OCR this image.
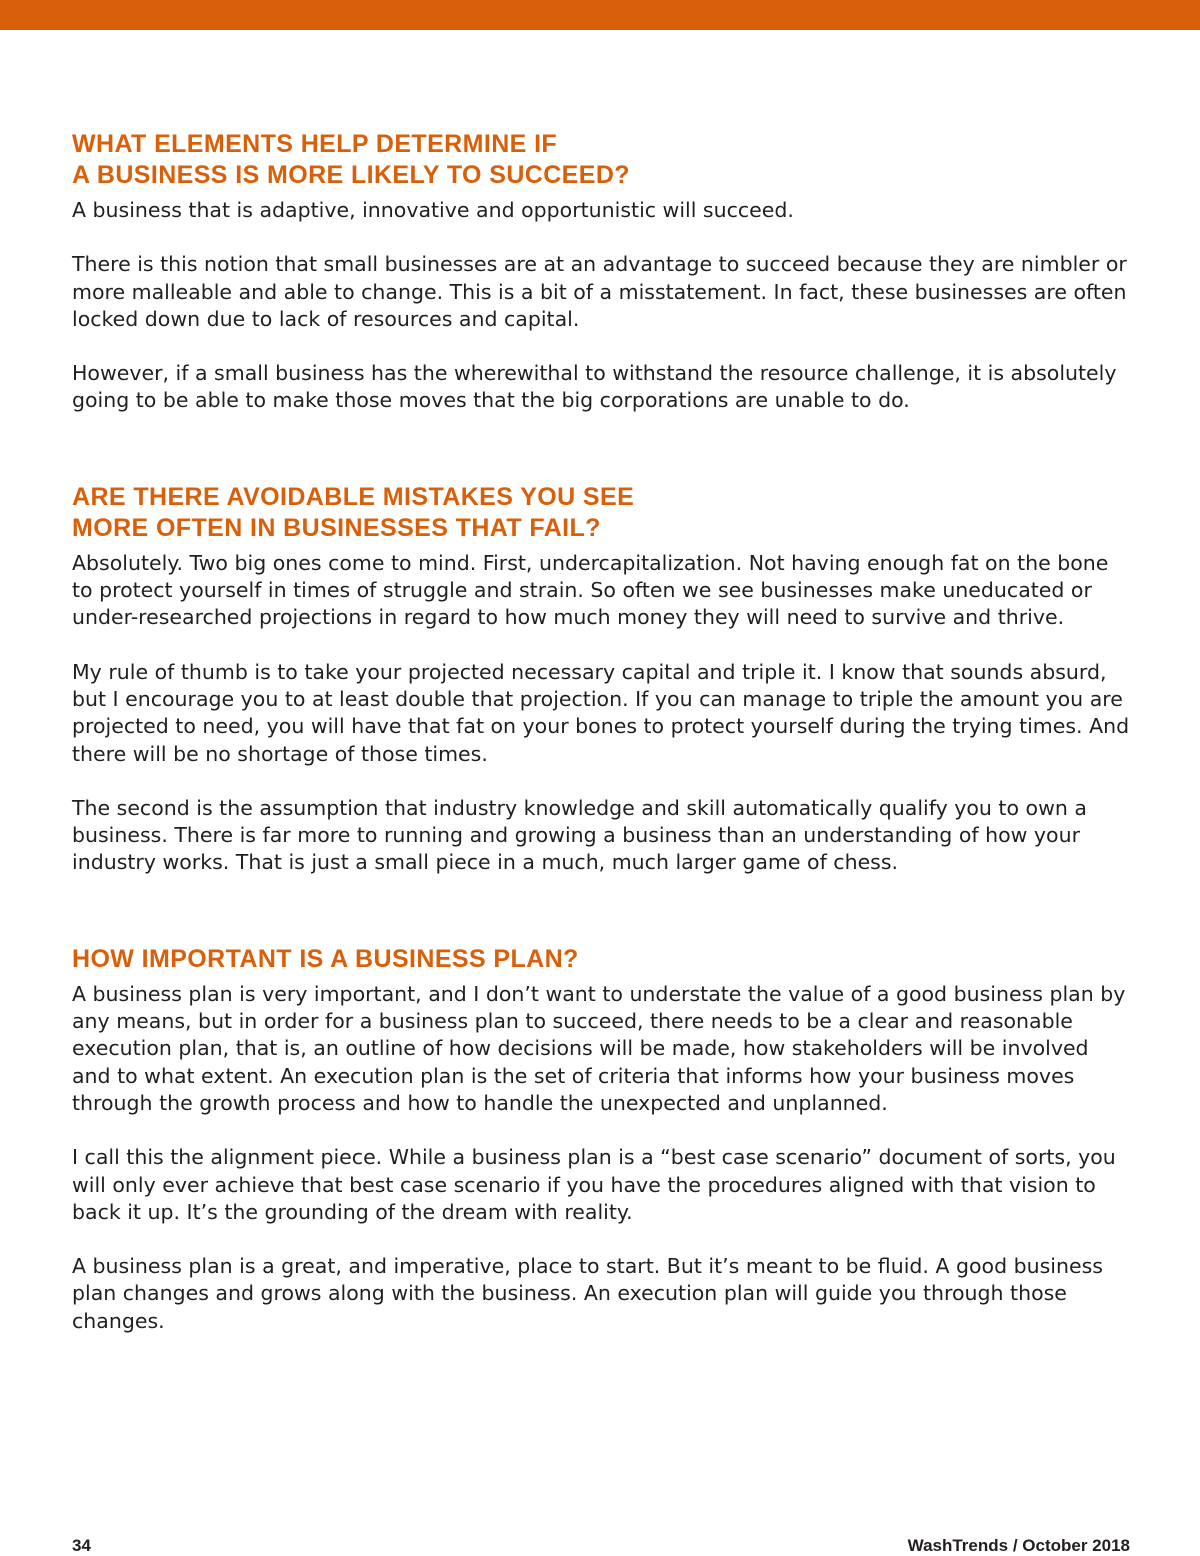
WHAT ELEMENTS HELP DETERMINE IF
A BUSINESS IS MORE LIKELY TO SUCCEED?

A business that is adaptive, innovative and opportunistic will succeed.

There is this notion that small businesses are at an advantage to succeed because they are nimbler or more malleable and able to change. This is a bit of a misstatement. In fact, these businesses are often locked down due to lack of resources and capital.

However, if a small business has the wherewithal to withstand the resource challenge, it is absolutely going to be able to make those moves that the big corporations are unable to do.

ARE THERE AVOIDABLE MISTAKES YOU SEE
MORE OFTEN IN BUSINESSES THAT FAIL?

Absolutely. Two big ones come to mind. First, undercapitalization. Not having enough fat on the bone to protect yourself in times of struggle and strain. So often we see businesses make uneducated or under-researched projections in regard to how much money they will need to survive and thrive.

My rule of thumb is to take your projected necessary capital and triple it. I know that sounds absurd, but I encourage you to at least double that projection. If you can manage to triple the amount you are projected to need, you will have that fat on your bones to protect yourself during the trying times. And there will be no shortage of those times.

The second is the assumption that industry knowledge and skill automatically qualify you to own a business. There is far more to running and growing a business than an understanding of how your industry works. That is just a small piece in a much, much larger game of chess.

HOW IMPORTANT IS A BUSINESS PLAN?

A business plan is very important, and I don’t want to understate the value of a good business plan by any means, but in order for a business plan to succeed, there needs to be a clear and reasonable execution plan, that is, an outline of how decisions will be made, how stakeholders will be involved and to what extent. An execution plan is the set of criteria that informs how your business moves through the growth process and how to handle the unexpected and unplanned.

I call this the alignment piece. While a business plan is a “best case scenario” document of sorts, you will only ever achieve that best case scenario if you have the procedures aligned with that vision to back it up. It’s the grounding of the dream with reality.

A business plan is a great, and imperative, place to start. But it’s meant to be fluid. A good business plan changes and grows along with the business. An execution plan will guide you through those changes.

34	WashTrends / October 2018
